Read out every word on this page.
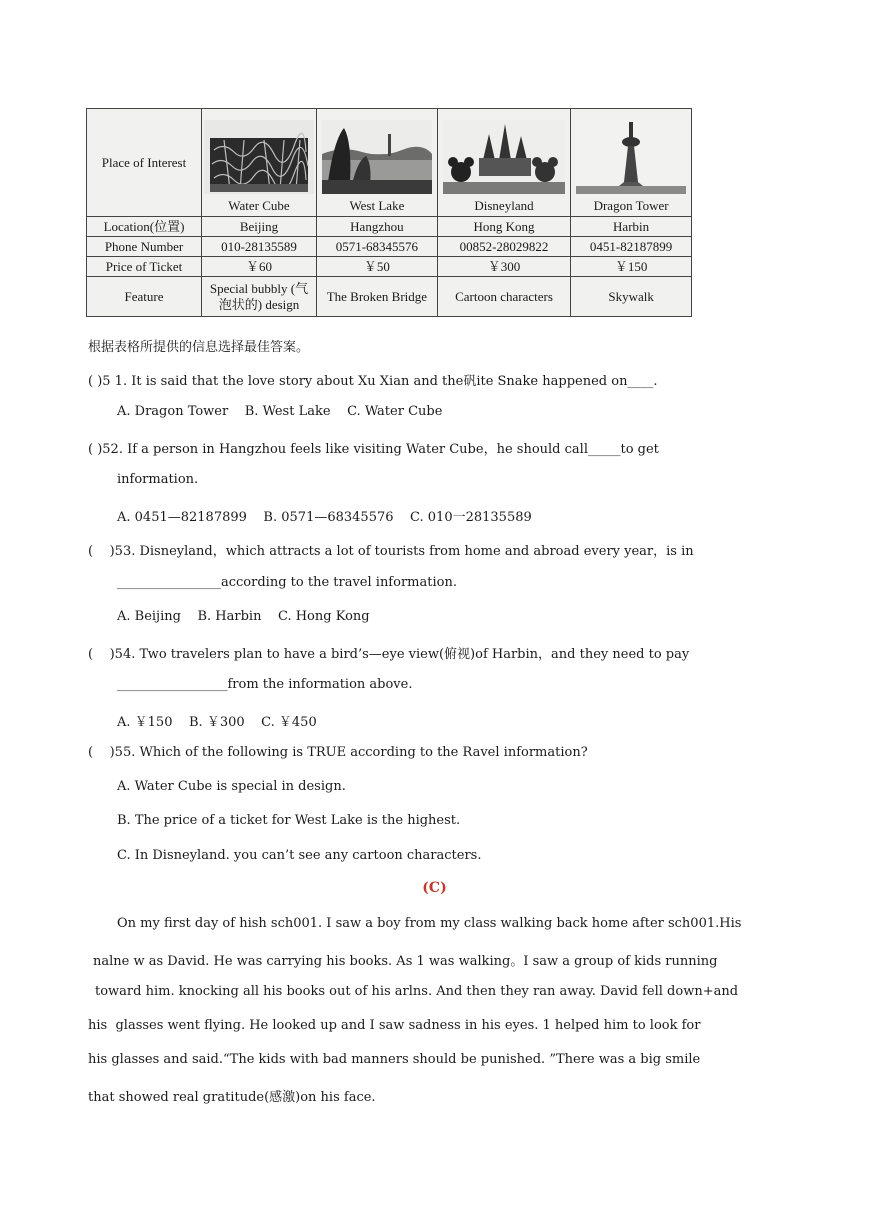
Place of Interest	Water Cube	West Lake	Disneyland	Dragon Tower

Location(位置)	Beijing	Hangzhou	Hong Kong	Harbin
Phone Number	010-28135589	0571-68345576	00852-28029822	0451-82187899
Price of Ticket	￥60	￥50	￥300	￥150
Feature	Special bubbly (气泡状的) design	The Broken Bridge	Cartoon characters	Skywalk
根据表格所提供的信息选择最佳答案。
( )5 1. It is said that the love story about Xu Xian and the矾ite Snake happened on____.
A. Dragon Tower    B. West Lake    C. Water Cube
( )52. If a person in Hangzhou feels like visiting Water Cube，he should call_____to get
information.
A. 0451—82187899    B. 0571—68345576    C. 010一28135589
(    )53. Disneyland，which attracts a lot of tourists from home and abroad every year，is in
________________according to the travel information.
A. Beijing    B. Harbin    C. Hong Kong
(    )54. Two travelers plan to have a bird’s—eye view(俯视)of Harbin，and they need to pay
_________________from the information above.
A. ￥150    B. ￥300    C. ￥450
(    )55. Which of the following is TRUE according to the Ravel information?
A. Water Cube is special in design.
B. The price of a ticket for West Lake is the highest.
C. In Disneyland. you can’t see any cartoon characters.
(C)
On my first day of hish sch001. I saw a boy from my class walking back home after sch001.His
nalne w as David. He was carrying his books. As 1 was walking。I saw a group of kids running
toward him. knocking all his books out of his arlns. And then they ran away. David fell down+and
his  glasses went flying. He looked up and I saw sadness in his eyes. 1 helped him to look for
his glasses and said.“The kids with bad manners should be punished. ”There was a big smile
that showed real gratitude(感激)on his face.
